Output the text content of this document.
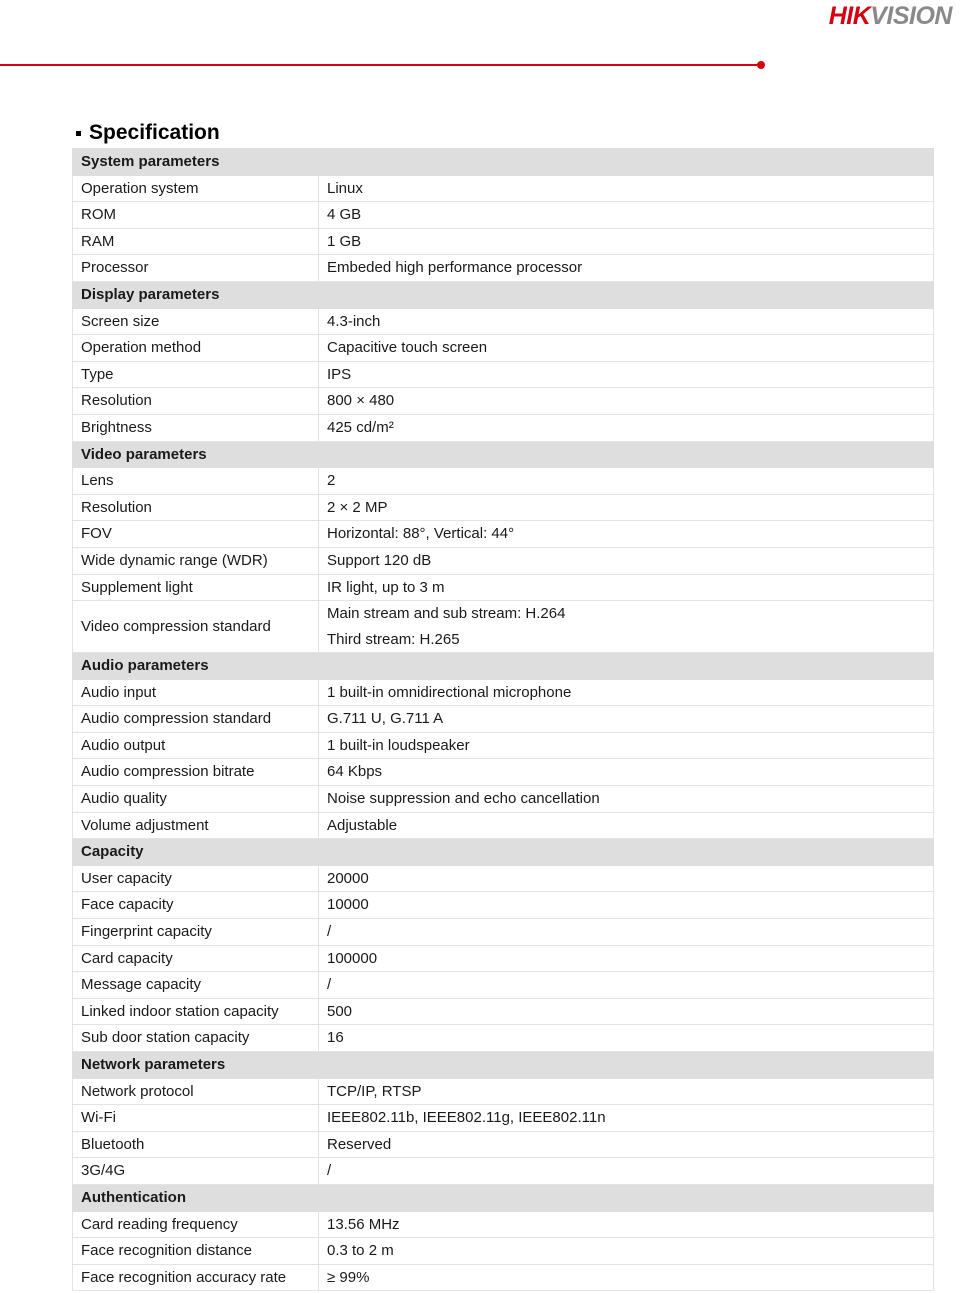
HIKVISION
Specification
System parameters	
Operation system	Linux
ROM	4 GB
RAM	1 GB
Processor	Embeded high performance processor
Display parameters	
Screen size	4.3-inch
Operation method	Capacitive touch screen
Type	IPS
Resolution	800 × 480
Brightness	425 cd/m²
Video parameters	
Lens	2
Resolution	2 × 2 MP
FOV	Horizontal: 88°, Vertical: 44°
Wide dynamic range (WDR)	Support 120 dB
Supplement light	IR light, up to 3 m
Video compression standard	Main stream and sub stream: H.264
Third stream: H.265

Audio parameters	
Audio input	1 built-in omnidirectional microphone
Audio compression standard	G.711 U, G.711 A
Audio output	1 built-in loudspeaker
Audio compression bitrate	64 Kbps
Audio quality	Noise suppression and echo cancellation
Volume adjustment	Adjustable
Capacity	
User capacity	20000
Face capacity	10000
Fingerprint capacity	/
Card capacity	100000
Message capacity	/
Linked indoor station capacity	500
Sub door station capacity	16
Network parameters	
Network protocol	TCP/IP, RTSP
Wi-Fi	IEEE802.11b, IEEE802.11g, IEEE802.11n
Bluetooth	Reserved
3G/4G	/
Authentication	
Card reading frequency	13.56 MHz
Face recognition distance	0.3 to 2 m
Face recognition accuracy rate	≥ 99%
